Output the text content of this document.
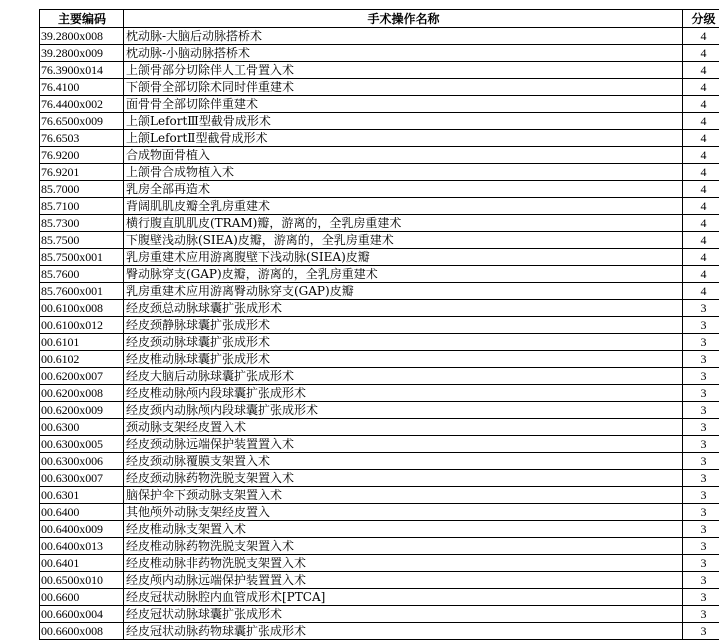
主要编码	手术操作名称	分级
39.2800x008	枕动脉-大脑后动脉搭桥术	4
39.2800x009	枕动脉-小脑动脉搭桥术	4
76.3900x014	上颌骨部分切除伴人工骨置入术	4
76.4100	下颌骨全部切除术同时伴重建术	4
76.4400x002	面骨骨全部切除伴重建术	4
76.6500x009	上颌LefortⅢ型截骨成形术	4
76.6503	上颌LefortⅡ型截骨成形术	4
76.9200	合成物面骨植入	4
76.9201	上颌骨合成物植入术	4
85.7000	乳房全部再造术	4
85.7100	背阔肌肌皮瓣全乳房重建术	4
85.7300	横行腹直肌肌皮(TRAM)瓣，游离的，全乳房重建术	4
85.7500	下腹壁浅动脉(SIEA)皮瓣，游离的，全乳房重建术	4
85.7500x001	乳房重建术应用游离腹壁下浅动脉(SIEA)皮瓣	4
85.7600	臀动脉穿支(GAP)皮瓣，游离的，全乳房重建术	4
85.7600x001	乳房重建术应用游离臀动脉穿支(GAP)皮瓣	4
00.6100x008	经皮颈总动脉球囊扩张成形术	3
00.6100x012	经皮颈静脉球囊扩张成形术	3
00.6101	经皮颈动脉球囊扩张成形术	3
00.6102	经皮椎动脉球囊扩张成形术	3
00.6200x007	经皮大脑后动脉球囊扩张成形术	3
00.6200x008	经皮椎动脉颅内段球囊扩张成形术	3
00.6200x009	经皮颈内动脉颅内段球囊扩张成形术	3
00.6300	颈动脉支架经皮置入术	3
00.6300x005	经皮颈动脉远端保护装置置入术	3
00.6300x006	经皮颈动脉覆膜支架置入术	3
00.6300x007	经皮颈动脉药物洗脱支架置入术	3
00.6301	脑保护伞下颈动脉支架置入术	3
00.6400	其他颅外动脉支架经皮置入	3
00.6400x009	经皮椎动脉支架置入术	3
00.6400x013	经皮椎动脉药物洗脱支架置入术	3
00.6401	经皮椎动脉非药物洗脱支架置入术	3
00.6500x010	经皮颅内动脉远端保护装置置入术	3
00.6600	经皮冠状动脉腔内血管成形术[PTCA]	3
00.6600x004	经皮冠状动脉球囊扩张成形术	3
00.6600x008	经皮冠状动脉药物球囊扩张成形术	3
